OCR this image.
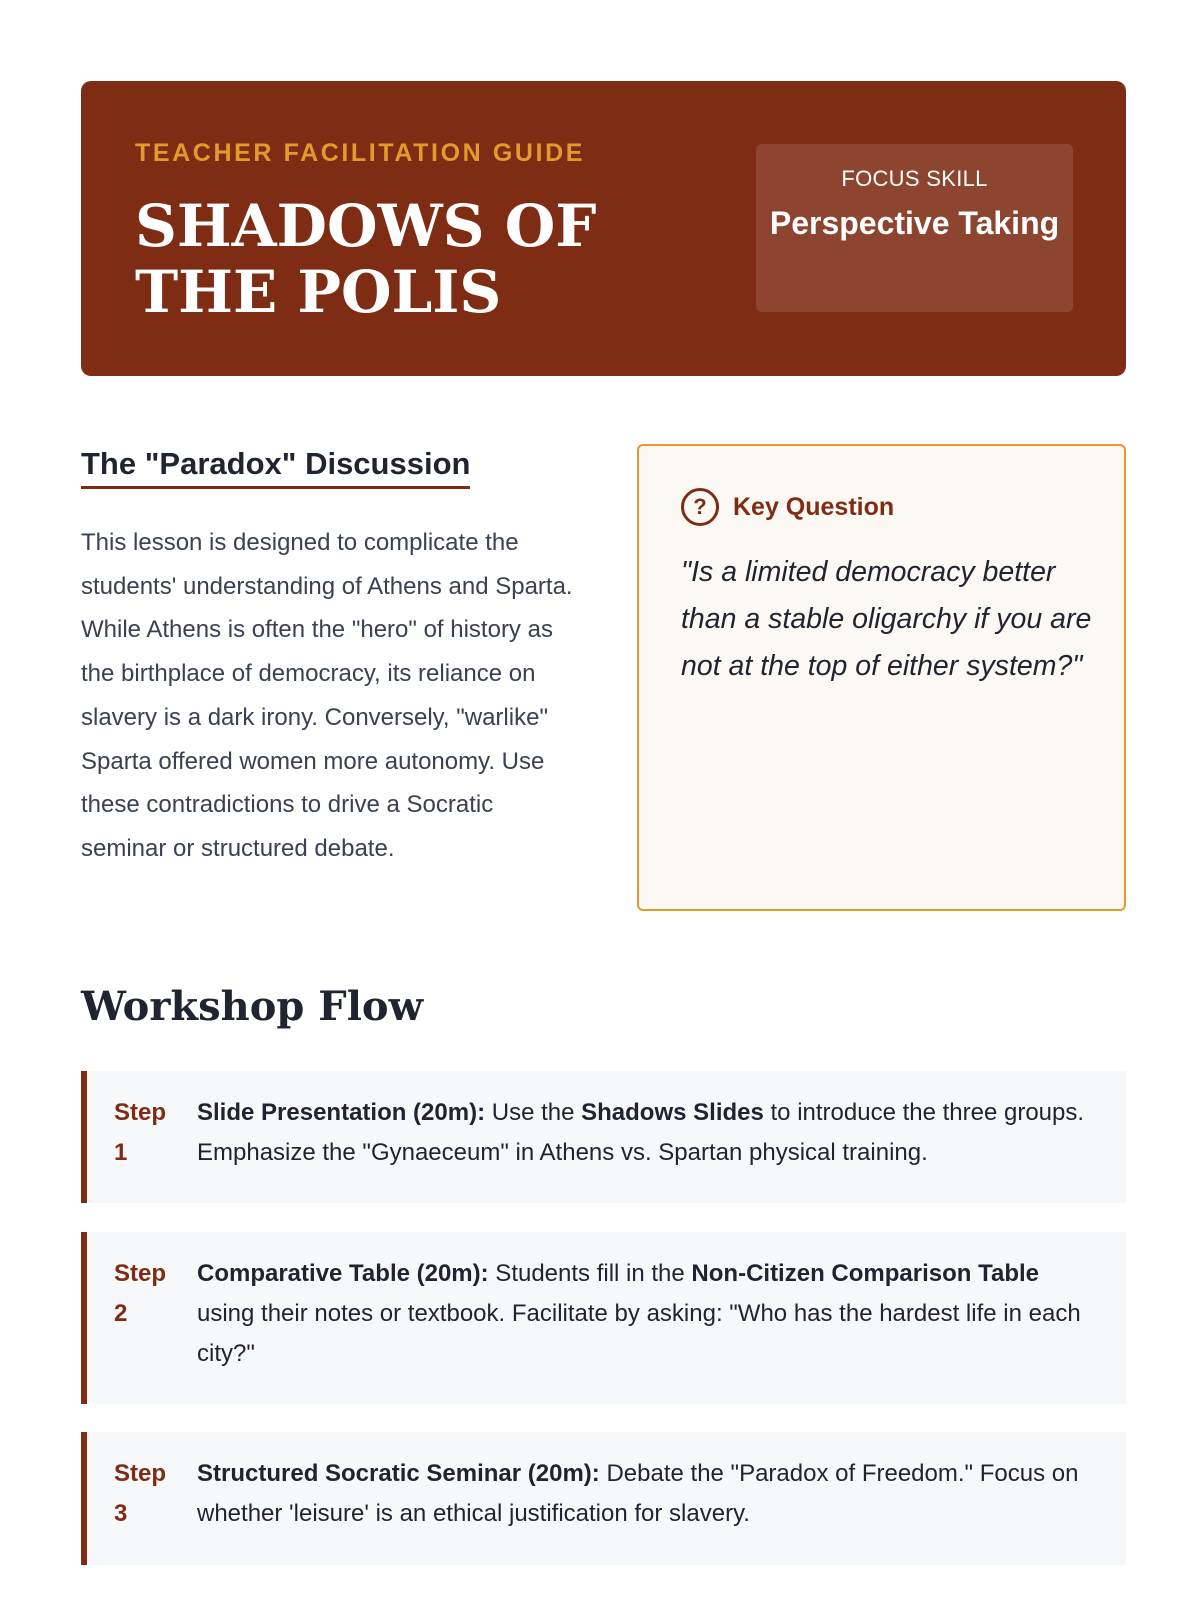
TEACHER FACILITATION GUIDE
SHADOWS OF THE POLIS
FOCUS SKILL
Perspective Taking
The "Paradox" Discussion
This lesson is designed to complicate the students' understanding of Athens and Sparta. While Athens is often the "hero" of history as the birthplace of democracy, its reliance on slavery is a dark irony. Conversely, "warlike" Sparta offered women more autonomy. Use these contradictions to drive a Socratic seminar or structured debate.
?	Key Question
"Is a limited democracy better than a stable oligarchy if you are not at the top of either system?"
Workshop Flow
Step 1
Slide Presentation (20m): Use the Shadows Slides to introduce the three groups. Emphasize the "Gynaeceum" in Athens vs. Spartan physical training.
Step 2
Comparative Table (20m): Students fill in the Non-Citizen Comparison Table using their notes or textbook. Facilitate by asking: "Who has the hardest life in each city?"
Step 3
Structured Socratic Seminar (20m): Debate the "Paradox of Freedom." Focus on whether 'leisure' is an ethical justification for slavery.
